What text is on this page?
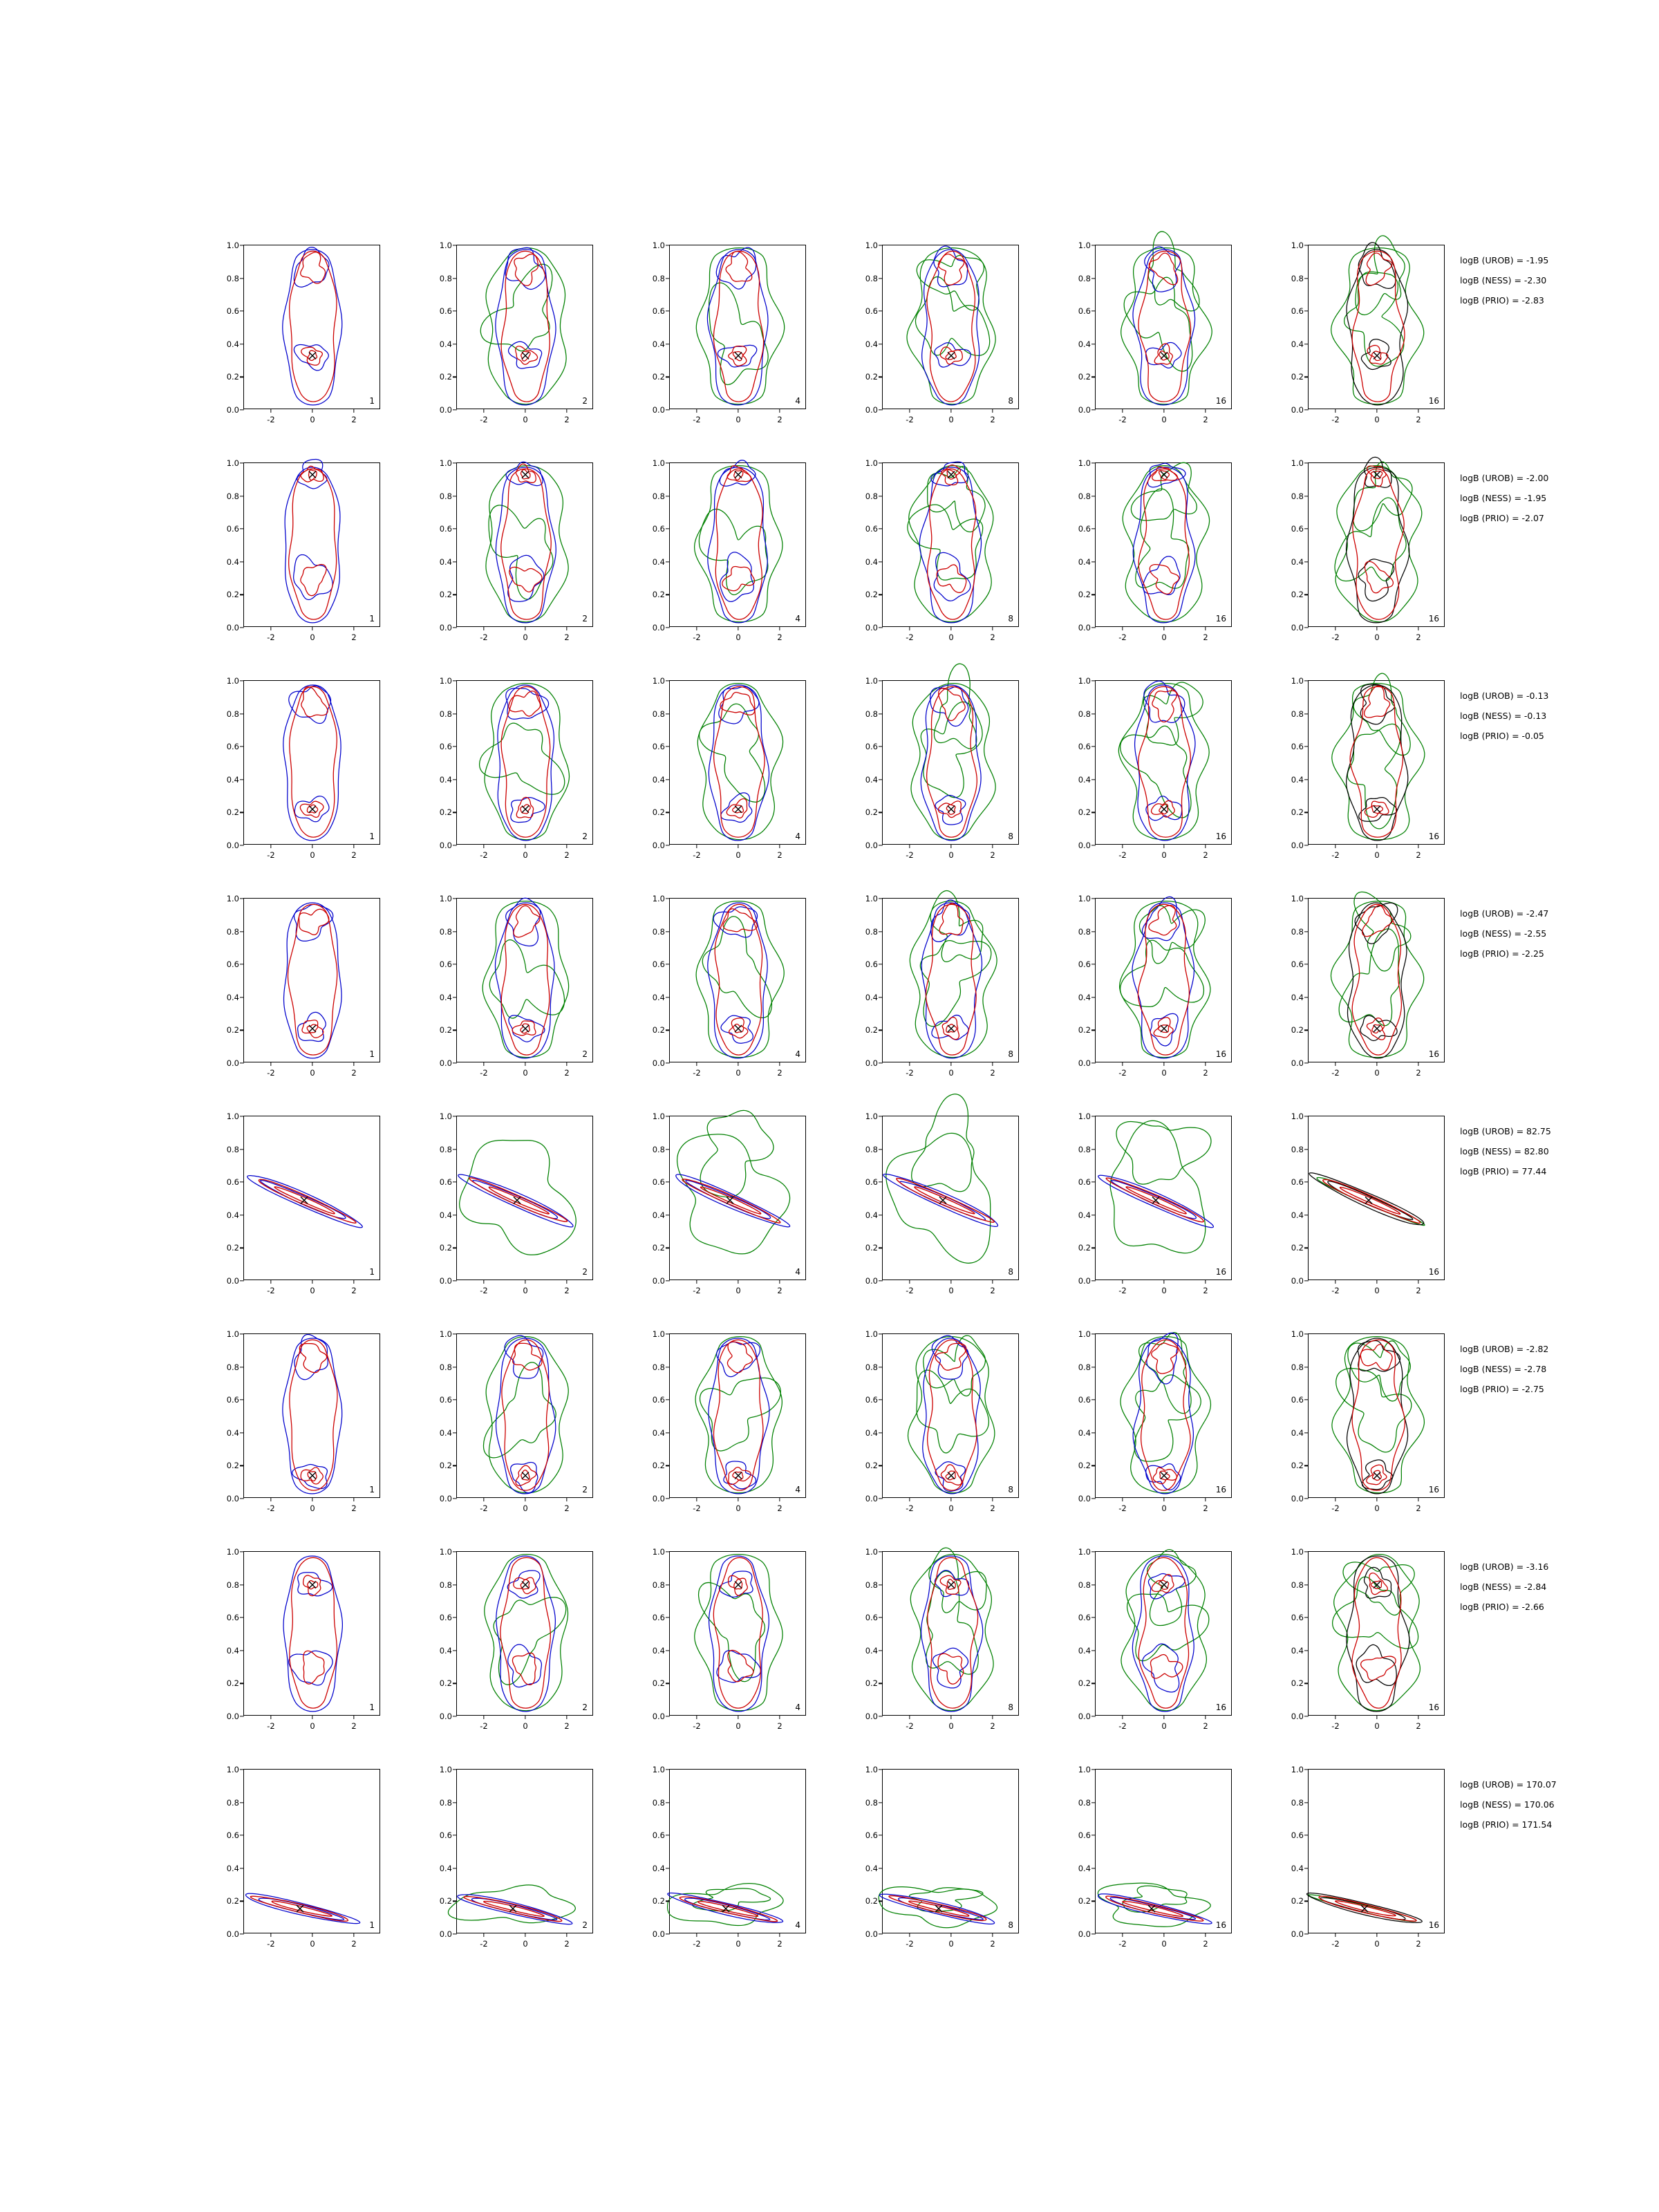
1
0.0
0.2
0.4
0.6
0.8
1.0
-2	0	2
2
0.0
0.2
0.4
0.6
0.8
1.0
-2	0	2
4
0.0
0.2
0.4
0.6
0.8
1.0
-2	0	2
8
0.0
0.2
0.4
0.6
0.8
1.0
-2	0	2
16
0.0
0.2
0.4
0.6
0.8
1.0
-2	0	2
16
0.0
0.2
0.4
0.6
0.8
1.0
-2	0	2
logB (UROB) = -1.95
logB (NESS) = -2.30
logB (PRIO) = -2.83
1
0.0
0.2
0.4
0.6
0.8
1.0
-2	0	2
2
0.0
0.2
0.4
0.6
0.8
1.0
-2	0	2
4
0.0
0.2
0.4
0.6
0.8
1.0
-2	0	2
8
0.0
0.2
0.4
0.6
0.8
1.0
-2	0	2
16
0.0
0.2
0.4
0.6
0.8
1.0
-2	0	2
16
0.0
0.2
0.4
0.6
0.8
1.0
-2	0	2
logB (UROB) = -2.00
logB (NESS) = -1.95
logB (PRIO) = -2.07
1
0.0
0.2
0.4
0.6
0.8
1.0
-2	0	2
2
0.0
0.2
0.4
0.6
0.8
1.0
-2	0	2
4
0.0
0.2
0.4
0.6
0.8
1.0
-2	0	2
8
0.0
0.2
0.4
0.6
0.8
1.0
-2	0	2
16
0.0
0.2
0.4
0.6
0.8
1.0
-2	0	2
16
0.0
0.2
0.4
0.6
0.8
1.0
-2	0	2
logB (UROB) = -0.13
logB (NESS) = -0.13
logB (PRIO) = -0.05
1
0.0
0.2
0.4
0.6
0.8
1.0
-2	0	2
2
0.0
0.2
0.4
0.6
0.8
1.0
-2	0	2
4
0.0
0.2
0.4
0.6
0.8
1.0
-2	0	2
8
0.0
0.2
0.4
0.6
0.8
1.0
-2	0	2
16
0.0
0.2
0.4
0.6
0.8
1.0
-2	0	2
16
0.0
0.2
0.4
0.6
0.8
1.0
-2	0	2
logB (UROB) = -2.47
logB (NESS) = -2.55
logB (PRIO) = -2.25
1
0.0
0.2
0.4
0.6
0.8
1.0
-2	0	2
2
0.0
0.2
0.4
0.6
0.8
1.0
-2	0	2
4
0.0
0.2
0.4
0.6
0.8
1.0
-2	0	2
8
0.0
0.2
0.4
0.6
0.8
1.0
-2	0	2
16
0.0
0.2
0.4
0.6
0.8
1.0
-2	0	2
16
0.0
0.2
0.4
0.6
0.8
1.0
-2	0	2
logB (UROB) = 82.75
logB (NESS) = 82.80
logB (PRIO) = 77.44
1
0.0
0.2
0.4
0.6
0.8
1.0
-2	0	2
2
0.0
0.2
0.4
0.6
0.8
1.0
-2	0	2
4
0.0
0.2
0.4
0.6
0.8
1.0
-2	0	2
8
0.0
0.2
0.4
0.6
0.8
1.0
-2	0	2
16
0.0
0.2
0.4
0.6
0.8
1.0
-2	0	2
16
0.0
0.2
0.4
0.6
0.8
1.0
-2	0	2
logB (UROB) = -2.82
logB (NESS) = -2.78
logB (PRIO) = -2.75
1
0.0
0.2
0.4
0.6
0.8
1.0
-2	0	2
2
0.0
0.2
0.4
0.6
0.8
1.0
-2	0	2
4
0.0
0.2
0.4
0.6
0.8
1.0
-2	0	2
8
0.0
0.2
0.4
0.6
0.8
1.0
-2	0	2
16
0.0
0.2
0.4
0.6
0.8
1.0
-2	0	2
16
0.0
0.2
0.4
0.6
0.8
1.0
-2	0	2
logB (UROB) = -3.16
logB (NESS) = -2.84
logB (PRIO) = -2.66
1
0.0
0.2
0.4
0.6
0.8
1.0
-2	0	2
2
0.0
0.2
0.4
0.6
0.8
1.0
-2	0	2
4
0.0
0.2
0.4
0.6
0.8
1.0
-2	0	2
8
0.0
0.2
0.4
0.6
0.8
1.0
-2	0	2
16
0.0
0.2
0.4
0.6
0.8
1.0
-2	0	2
16
0.0
0.2
0.4
0.6
0.8
1.0
-2	0	2
logB (UROB) = 170.07
logB (NESS) = 170.06
logB (PRIO) = 171.54
